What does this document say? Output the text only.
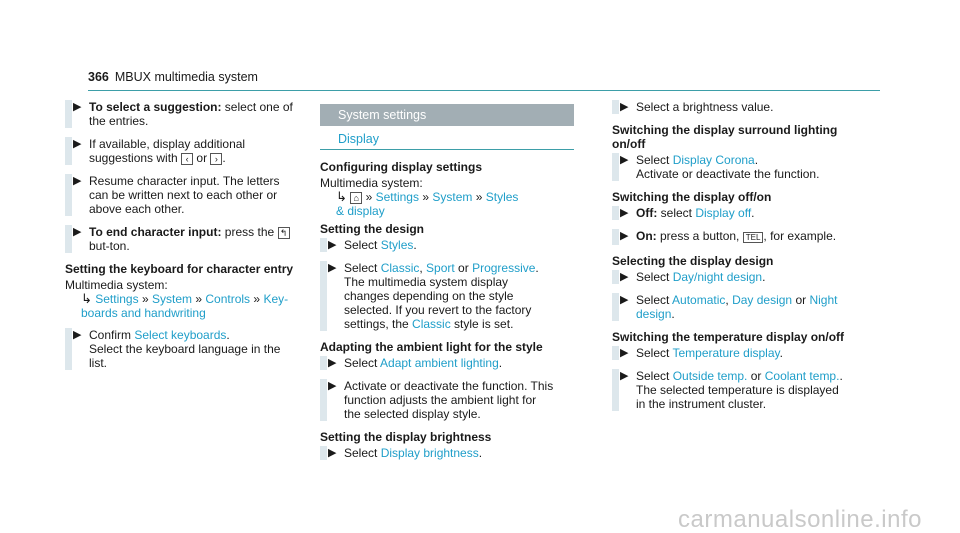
366 MBUX multimedia system
▶ To select a suggestion: select one of the entries.
▶ If available, display additional suggestions with ‹ or › .
▶ Resume character input. The letters can be written next to each other or above each other.
▶ To end character input: press the ↰ but-ton.
Setting the keyboard for character entry
Multimedia system:
↳ Settings » System » Controls » Key-boards and handwriting
▶ Confirm Select keyboards.
Select the keyboard language in the list.
System settings
Display
Configuring display settings
Multimedia system:
↳ ⌂ » Settings » System » Styles
& display
Setting the design
▶ Select Styles.
▶ Select Classic, Sport or Progressive.
The multimedia system display changes depending on the style selected. If you revert to the factory settings, the Classic style is set.
Adapting the ambient light for the style
▶ Select Adapt ambient lighting.
▶ Activate or deactivate the function. This function adjusts the ambient light for the selected display style.
Setting the display brightness
▶ Select Display brightness.
▶ Select a brightness value.
Switching the display surround lighting on/off
▶ Select Display Corona.
Activate or deactivate the function.
Switching the display off/on
▶ Off: select Display off.
▶ On: press a button, TEL , for example.
Selecting the display design
▶ Select Day/night design.
▶ Select Automatic, Day design or Night design.
Switching the temperature display on/off
▶ Select Temperature display.
▶ Select Outside temp. or Coolant temp..
The selected temperature is displayed in the instrument cluster.
carmanualsonline.info
